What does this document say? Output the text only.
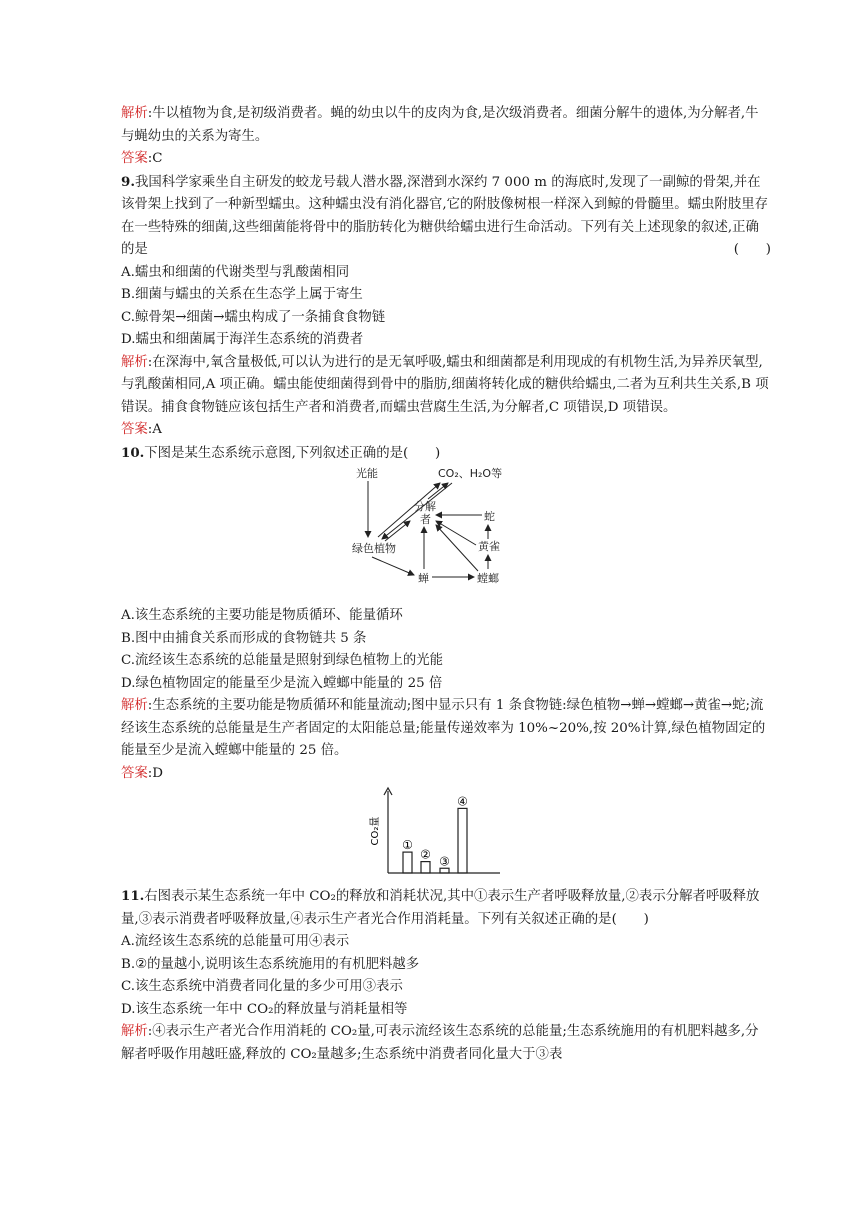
解析:牛以植物为食,是初级消费者。蝇的幼虫以牛的皮肉为食,是次级消费者。细菌分解牛的遗体,为分解者,牛与蝇幼虫的关系为寄生。

答案:C

9.我国科学家乘坐自主研发的蛟龙号载人潜水器,深潜到水深约 7 000 m 的海底时,发现了一副鲸的骨架,并在该骨架上找到了一种新型蠕虫。这种蠕虫没有消化器官,它的附肢像树根一样深入到鲸的骨髓里。蠕虫附肢里存在一些特殊的细菌,这些细菌能将骨中的脂肪转化为糖供给蠕虫进行生命活动。下列有关上述现象的叙述,正确的是	(　　)

A.蠕虫和细菌的代谢类型与乳酸菌相同

B.细菌与蠕虫的关系在生态学上属于寄生

C.鲸骨架→细菌→蠕虫构成了一条捕食食物链

D.蠕虫和细菌属于海洋生态系统的消费者

解析:在深海中,氧含量极低,可以认为进行的是无氧呼吸,蠕虫和细菌都是利用现成的有机物生活,为异养厌氧型,与乳酸菌相同,A 项正确。蠕虫能使细菌得到骨中的脂肪,细菌将转化成的糖供给蠕虫,二者为互利共生关系,B 项错误。捕食食物链应该包括生产者和消费者,而蠕虫营腐生生活,为分解者,C 项错误,D 项错误。

答案:A

10.下图是某生态系统示意图,下列叙述正确的是(　　)

光能	CO₂、H₂O等
分解
者	蛇
黄雀
绿色植物
蝉	螳螂

A.该生态系统的主要功能是物质循环、能量循环

B.图中由捕食关系而形成的食物链共 5 条

C.流经该生态系统的总能量是照射到绿色植物上的光能

D.绿色植物固定的能量至少是流入螳螂中能量的 25 倍

解析:生态系统的主要功能是物质循环和能量流动;图中显示只有 1 条食物链:绿色植物→蝉→螳螂→黄雀→蛇;流经该生态系统的总能量是生产者固定的太阳能总量;能量传递效率为 10%~20%,按 20%计算,绿色植物固定的能量至少是流入螳螂中能量的 25 倍。

答案:D

CO₂量 ①
② ③
④

11.右图表示某生态系统一年中 CO₂的释放和消耗状况,其中①表示生产者呼吸释放量,②表示分解者呼吸释放量,③表示消费者呼吸释放量,④表示生产者光合作用消耗量。下列有关叙述正确的是(　　)

A.流经该生态系统的总能量可用④表示

B.②的量越小,说明该生态系统施用的有机肥料越多

C.该生态系统中消费者同化量的多少可用③表示

D.该生态系统一年中 CO₂的释放量与消耗量相等

解析:④表示生产者光合作用消耗的 CO₂量,可表示流经该生态系统的总能量;生态系统施用的有机肥料越多,分解者呼吸作用越旺盛,释放的 CO₂量越多;生态系统中消费者同化量大于③表
